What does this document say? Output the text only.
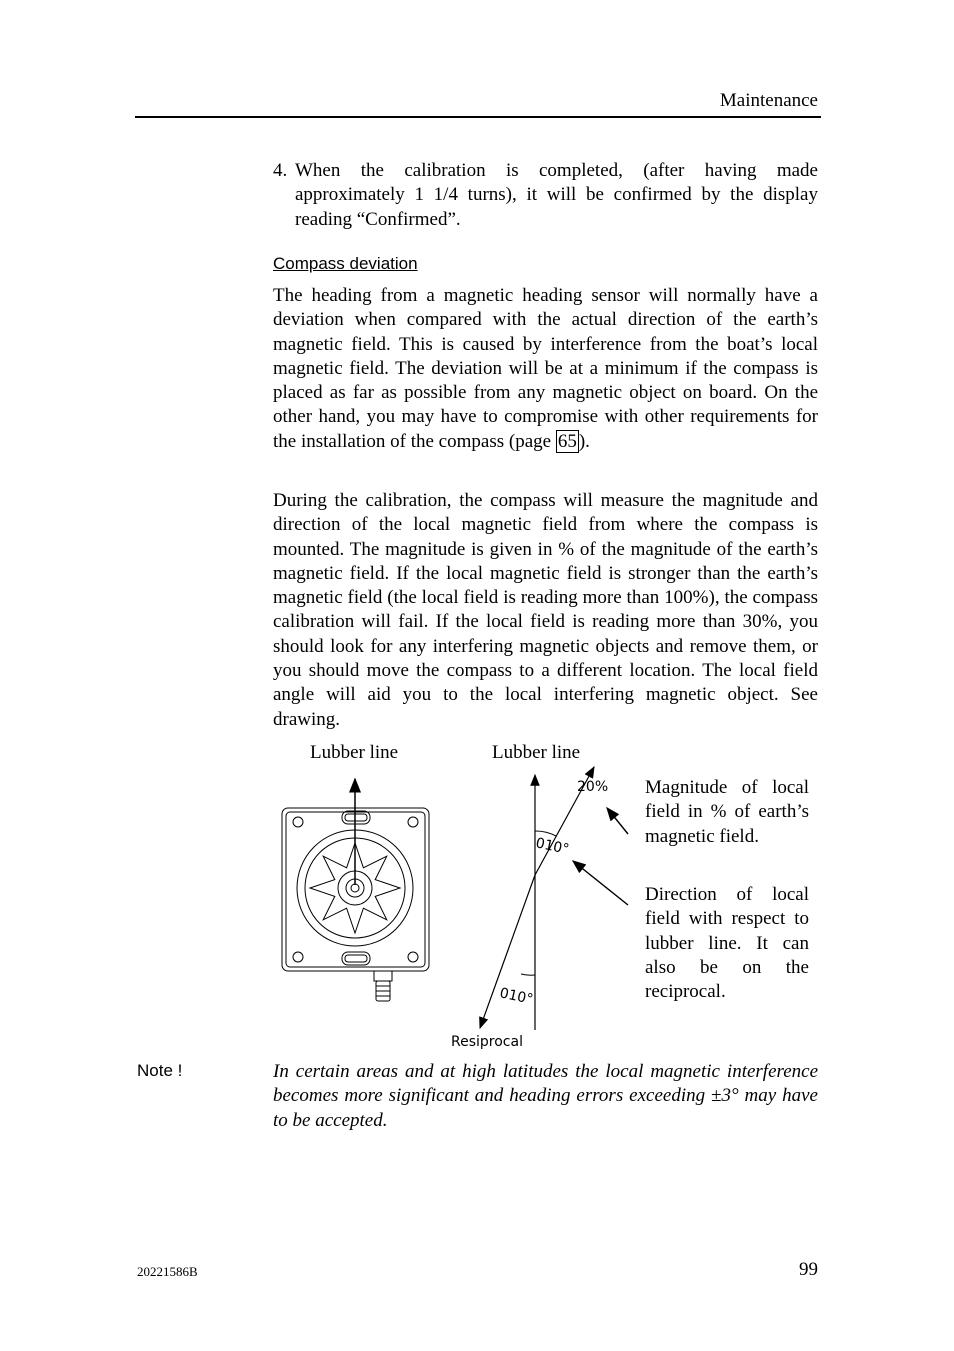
Maintenance
4. When the calibration is completed, (after having made approximately 1 1/4 turns), it will be confirmed by the display reading “Confirmed”.
Compass deviation

The heading from a magnetic heading sensor will normally have a deviation when compared with the actual direction of the earth’s magnetic field. This is caused by interference from the boat’s local magnetic field. The deviation will be at a minimum if the compass is placed as far as possible from any magnetic object on board. On the other hand, you may have to compromise with other requirements for the installation of the compass (page 65 ).

During the calibration, the compass will measure the magnitude and direction of the local magnetic field from where the compass is mounted. The magnitude is given in % of the magnitude of the earth’s magnetic field. If the local magnetic field is stronger than the earth’s magnetic field (the local field is reading more than 100%), the compass calibration will fail. If the local field is reading more than 30%, you should look for any interfering magnetic objects and remove them, or you should move the compass to a different location. The local field angle will aid you to the local interfering magnetic object. See drawing.

Lubber line	Lubber line
20%
010°
010°
Resiprocal
Magnitude of local field in % of earth’s magnetic field.
Direction of local field with respect to lubber line. It can also be on the reciprocal.
Note !	In certain areas and at high latitudes the local magnetic interference becomes more significant and heading errors exceeding ±3° may have to be accepted.
20221586B	99
